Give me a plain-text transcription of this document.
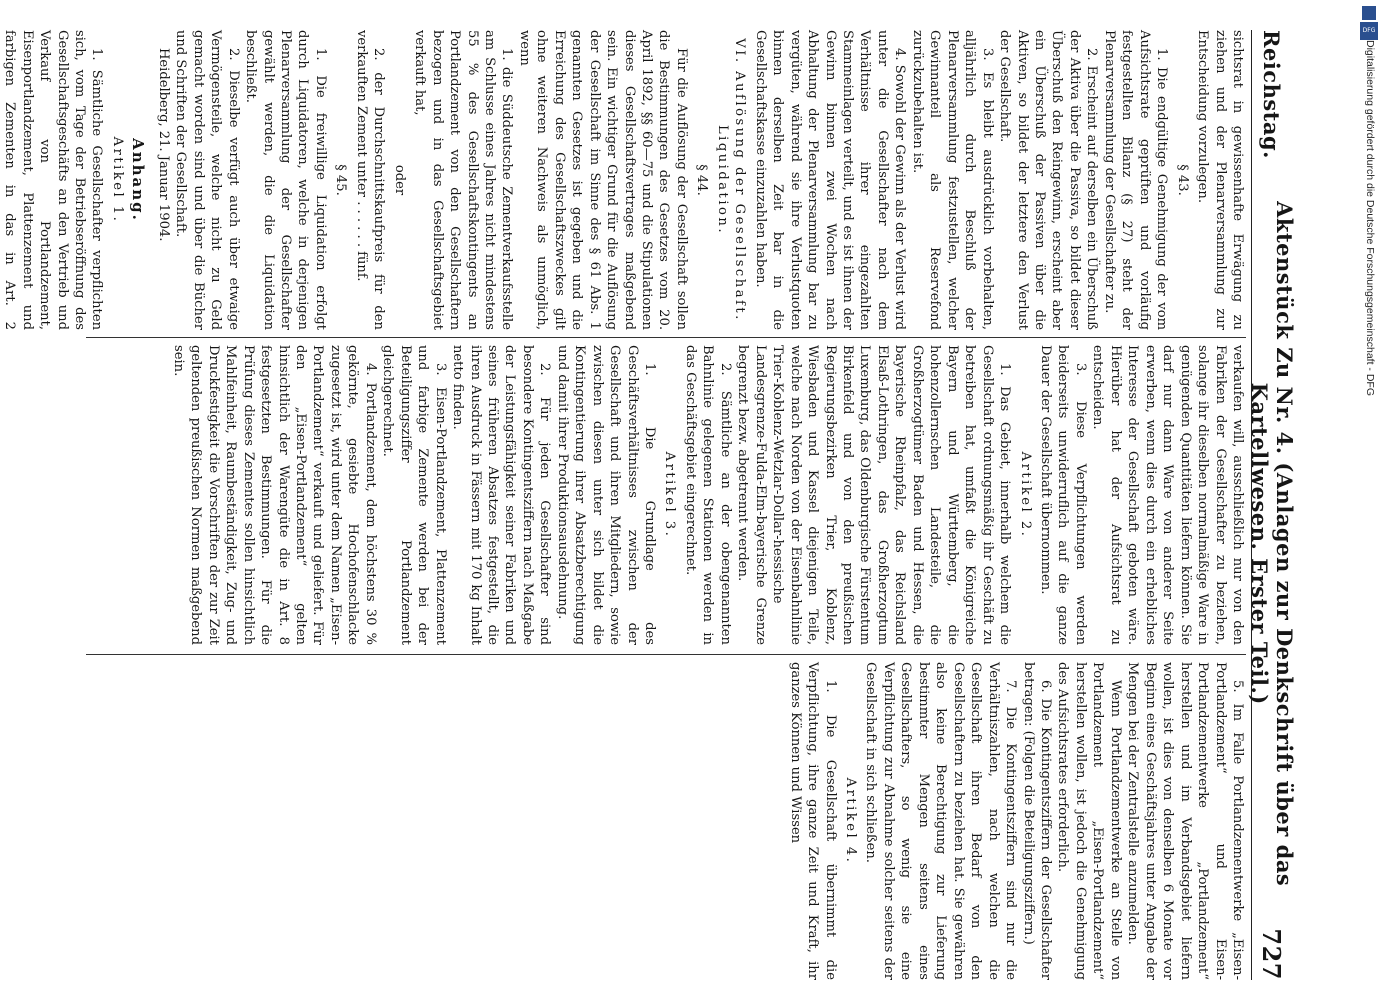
Reichstag.
Aktenstück Zu Nr. 4. (Anlagen zur Denkschrift über das Kartellwesen. Erster Teil.)
727

sichtsrat in gewissenhafte Erwägung zu ziehen und der Plenarversammlung zur Entscheidung vorzulegen.

§ 43.

1. Die endgültige Genehmigung der vom Aufsichtsrate geprüften und vorläufig festgestellten Bilanz (§ 27) steht der Plenarversammlung der Gesellschafter zu.

2. Erscheint auf derselben ein Überschuß der Aktiva über die Passiva, so bildet dieser Überschuß den Reingewinn, erscheint aber ein Überschuß der Passiven über die Aktiven, so bildet der letztere den Verlust der Gesellschaft.

3. Es bleibt ausdrücklich vorbehalten, alljährlich durch Beschluß der Plenarversammlung festzustellen, welcher Gewinnanteil als Reservefond zurückzubehalten ist.

4. Sowohl der Gewinn als der Verlust wird unter die Gesellschafter nach dem Verhältnisse ihrer eingezahlten Stammeinlagen verteilt, und es ist ihnen der Gewinn binnen zwei Wochen nach Abhaltung der Plenarversammlung bar zu vergüten, während sie ihre Verlustquoten binnen derselben Zeit bar in die Gesellschaftskasse einzuzahlen haben.

VI. Auflösung der Gesellschaft. Liquidation.

§ 44.

Für die Auflösung der Gesellschaft sollen die Bestimmungen des Gesetzes vom 20. April 1892, §§ 60—75 und die Stipulationen dieses Gesellschaftsvertrages maßgebend sein. Ein wichtiger Grund für die Auflösung der Gesellschaft im Sinne des § 61 Abs. 1 genannten Gesetzes ist gegeben und die Erreichung des Gesellschaftszweckes gilt ohne weiteren Nachweis als unmöglich, wenn

1. die Süddeutsche Zementverkaufsstelle am Schlusse eines Jahres nicht mindestens 55 % des Gesellschaftskontingents an Portlandzement von den Gesellschaftern bezogen und in das Gesellschaftsgebiet verkauft hat,

oder

2. der Durchschnittskaufpreis für den verkauften Zement unter . . . . . . fünf.

§ 45.

1. Die freiwillige Liquidation erfolgt durch Liquidatoren, welche in derjenigen Plenarversammlung der Gesellschafter gewählt werden, die die Liquidation beschließt.

2. Dieselbe verfügt auch über etwaige Vermögensteile, welche nicht zu Geld gemacht worden sind und über die Bücher und Schriften der Gesellschaft.

Heidelberg, 21. Januar 1904.

Anhang.

Artikel 1.

1. Sämtliche Gesellschafter verpflichten sich, vom Tage der Betriebseröffnung des Gesellschaftsgeschäfts an den Vertrieb und Verkauf von Portlandzement, Eisenportlandzement, Plattenzement und farbigen Zementen in das in Art. 2

verkaufen will, ausschließlich nur von den Fabriken der Gesellschafter zu beziehen, solange ihr dieselben normalmäßige Ware in genügenden Quantitäten liefern können. Sie darf nur dann Ware von anderer Seite erwerben, wenn dies durch ein erhebliches Interesse der Gesellschaft geboten wäre. Hierüber hat der Aufsichtsrat zu entscheiden.

3. Diese Verpflichtungen werden beiderseits unwiderruflich auf die ganze Dauer der Gesellschaft übernommen.

Artikel 2.

1. Das Gebiet, innerhalb welchem die Gesellschaft ordnungsmäßig ihr Geschäft zu betreiben hat, umfaßt die Königreiche Bayern und Württemberg, die hohenzollernschen Landesteile, die Großherzogtümer Baden und Hessen, die bayerische Rheinpfalz, das Reichsland Elsaß-Lothringen, das Großherzogtum Luxemburg, das Oldenburgische Fürstentum Birkenfeld und von den preußischen Regierungsbezirken Trier, Koblenz, Wiesbaden und Kassel diejenigen Teile, welche nach Norden von der Eisenbahnlinie Trier-Koblenz-Wetzlar-Dollar-hessische Landesgrenze-Fulda-Elm-bayerische Grenze begrenzt bezw. abgetrennt werden.

2. Sämtliche an der obengenannten Bahnlinie gelegenen Stationen werden in das Geschäftsgebiet eingerechnet.

Artikel 3.

1. Die Grundlage des Geschäftsverhältnisses zwischen der Gesellschaft und ihren Mitgliedern, sowie zwischen diesen unter sich bildet die Kontingentierung ihrer Absatzberechtigung und damit ihrer Produktionsausdehnung.

2. Für jeden Gesellschafter sind besondere Kontingentsziffern nach Maßgabe der Leistungsfähigkeit seiner Fabriken und seines früheren Absatzes festgestellt, die ihren Ausdruck in Fässern mit 170 kg Inhalt netto finden.

3. Eisen-Portlandzement, Plattenzement und farbige Zemente werden bei der Beteiligungsziffer Portlandzement gleichgerechnet.

4. Portlandzement, dem höchstens 30 % gekörnte, gesiebte Hochofenschlacke zugesetzt ist, wird unter dem Namen „Eisen-Portlandzement“ verkauft und geliefert. Für den „Eisen-Portlandzement“ gelten hinsichtlich der Warengüte die in Art. 8 festgesetzten Bestimmungen. Für die Prüfung dieses Zementes sollen hinsichtlich Mahlfeinheit, Raumbeständigkeit, Zug- und Druckfestigkeit die Vorschriften der zur Zeit geltenden preußischen Normen maßgebend sein.

5. Im Falle Portlandzementwerke „Eisen-Portlandzement“ und Eisen-Portlandzementwerke „Portlandzement“ herstellen und im Verbandsgebiet liefern wollen, ist dies von denselben 6 Monate vor Beginn eines Geschäftsjahres unter Angabe der Mengen bei der Zentralstelle anzumelden.

Wenn Portlandzementwerke an Stelle von Portlandzement „Eisen-Portlandzement“ herstellen wollen, ist jedoch die Genehmigung des Aufsichtsrates erforderlich.

6. Die Kontingentsziffern der Gesellschafter betragen: (Folgen die Beteiligungsziffern.)

7. Die Kontingentsziffern sind nur die Verhältniszahlen, nach welchen die Gesellschaft ihren Bedarf von den Gesellschaftern zu beziehen hat. Sie gewähren also keine Berechtigung zur Lieferung bestimmter Mengen seitens eines Gesellschafters, so wenig sie eine Verpflichtung zur Abnahme solcher seitens der Gesellschaft in sich schließen.

Artikel 4.

1. Die Gesellschaft übernimmt die Verpflichtung, ihre ganze Zeit und Kraft, ihr ganzes Können und Wissen

DFG
Digitalisierung gefördert durch die Deutsche Forschungsgemeinschaft - DFG
